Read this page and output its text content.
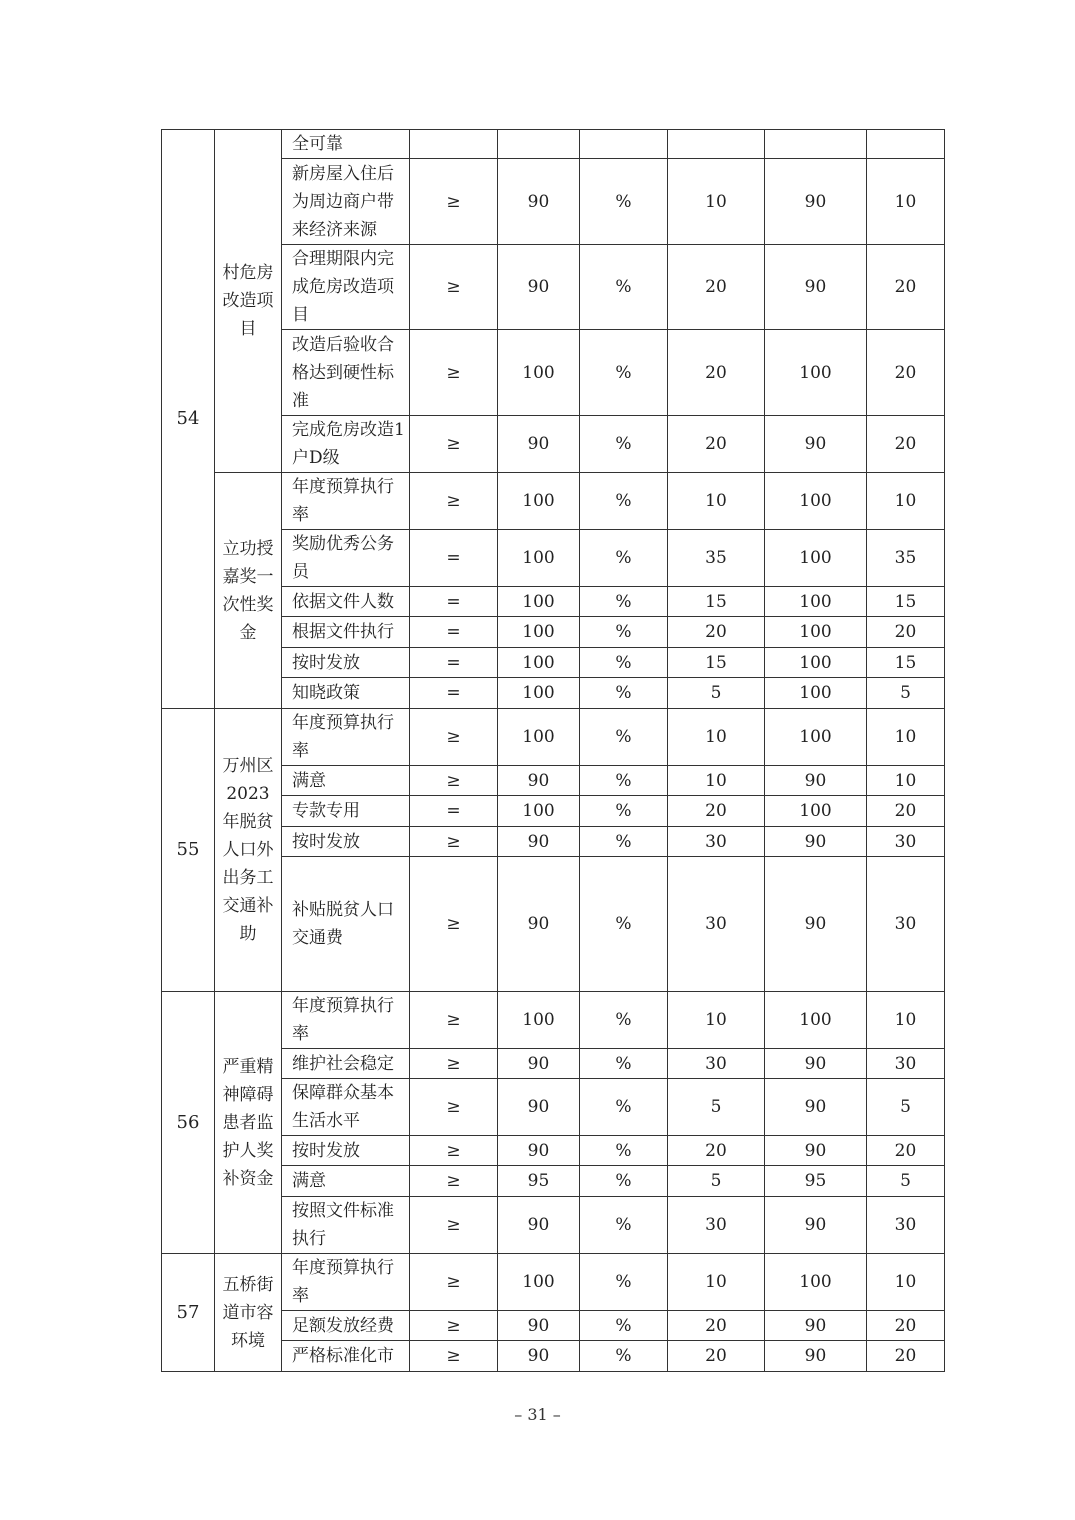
54	村危房改造项目	全可靠						
		新房屋入住后为周边商户带来经济来源	≥	90	%	10	90	10
		合理期限内完成危房改造项目	≥	90	%	20	90	20
		改造后验收合格达到硬性标准	≥	100	%	20	100	20
		完成危房改造1户D级	≥	90	%	20	90	20

	立功授嘉奖一次性奖金	年度预算执行率	≥	100	%	10	100	10
		奖励优秀公务员	=	100	%	35	100	35
		依据文件人数	=	100	%	15	100	15
		根据文件执行	=	100	%	20	100	20
		按时发放	=	100	%	15	100	15
		知晓政策	=	100	%	5	100	5
55	万州区2023年脱贫人口外出务工交通补助	年度预算执行率	≥	100	%	10	100	10
		满意	≥	90	%	10	90	10
		专款专用	=	100	%	20	100	20
		按时发放	≥	90	%	30	90	30
		补贴脱贫人口交通费	≥	90	%	30	90	30
56	严重精神障碍患者监护人奖补资金	年度预算执行率	≥	100	%	10	100	10
		维护社会稳定	≥	90	%	30	90	30
		保障群众基本生活水平	≥	90	%	5	90	5
		按时发放	≥	90	%	20	90	20
		满意	≥	95	%	5	95	5
		按照文件标准执行	≥	90	%	30	90	30
57	五桥街道市容环境	年度预算执行率	≥	100	%	10	100	10
		足额发放经费	≥	90	%	20	90	20
		严格标准化市	≥	90	%	20	90	20
– 31 –
